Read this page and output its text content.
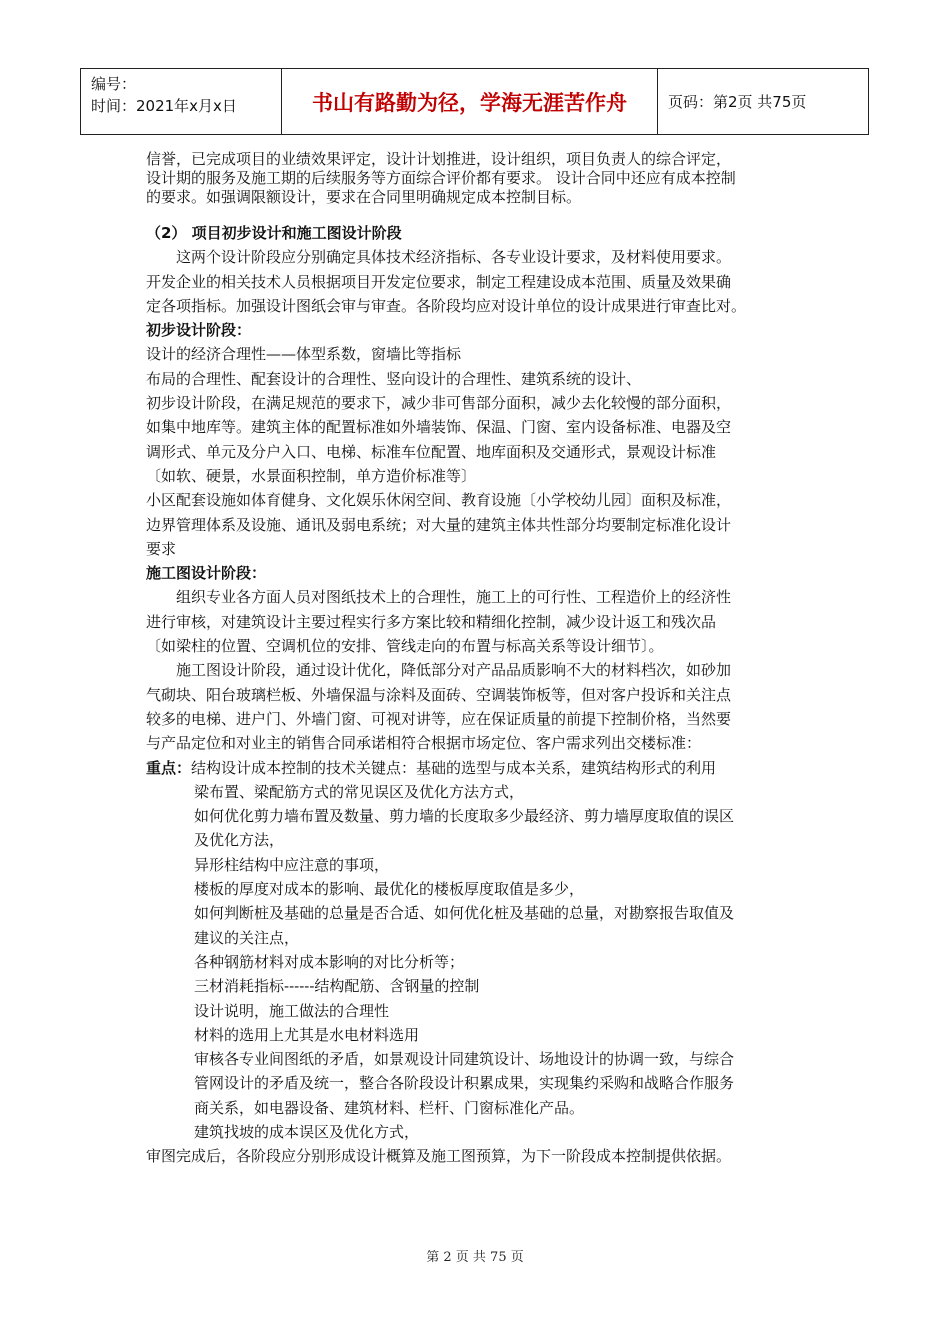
编号：
时间：2021年x月x日	书山有路勤为径，学海无涯苦作舟	页码：第2页 共75页

信誉，已完成项目的业绩效果评定，设计计划推进，设计组织，项目负责人的综合评定，

设计期的服务及施工期的后续服务等方面综合评价都有要求。 设计合同中还应有成本控制

的要求。如强调限额设计，要求在合同里明确规定成本控制目标。

（2） 项目初步设计和施工图设计阶段

这两个设计阶段应分别确定具体技术经济指标、各专业设计要求，及材料使用要求。

开发企业的相关技术人员根据项目开发定位要求，制定工程建设成本范围、质量及效果确

定各项指标。加强设计图纸会审与审查。各阶段均应对设计单位的设计成果进行审查比对。

初步设计阶段：

设计的经济合理性——体型系数，窗墙比等指标

布局的合理性、配套设计的合理性、竖向设计的合理性、建筑系统的设计、

初步设计阶段，在满足规范的要求下，减少非可售部分面积，减少去化较慢的部分面积，

如集中地库等。建筑主体的配置标准如外墙装饰、保温、门窗、室内设备标准、电器及空

调形式、单元及分户入口、电梯、标准车位配置、地库面积及交通形式，景观设计标准

〔如软、硬景，水景面积控制，单方造价标准等〕

小区配套设施如体育健身、文化娱乐休闲空间、教育设施〔小学校幼儿园〕面积及标准，

边界管理体系及设施、通讯及弱电系统；对大量的建筑主体共性部分均要制定标准化设计

要求

施工图设计阶段：

组织专业各方面人员对图纸技术上的合理性，施工上的可行性、工程造价上的经济性

进行审核，对建筑设计主要过程实行多方案比较和精细化控制，减少设计返工和残次品

〔如梁柱的位置、空调机位的安排、管线走向的布置与标高关系等设计细节〕。

施工图设计阶段，通过设计优化，降低部分对产品品质影响不大的材料档次，如砂加

气砌块、阳台玻璃栏板、外墙保温与涂料及面砖、空调装饰板等，但对客户投诉和关注点

较多的电梯、进户门、外墙门窗、可视对讲等，应在保证质量的前提下控制价格，当然要

与产品定位和对业主的销售合同承诺相符合根据市场定位、客户需求列出交楼标准：

重点：结构设计成本控制的技术关键点：基础的选型与成本关系，建筑结构形式的利用

梁布置、梁配筋方式的常见误区及优化方法方式，

如何优化剪力墙布置及数量、剪力墙的长度取多少最经济、剪力墙厚度取值的误区

及优化方法，

异形柱结构中应注意的事项，

楼板的厚度对成本的影响、最优化的楼板厚度取值是多少，

如何判断桩及基础的总量是否合适、如何优化桩及基础的总量，对勘察报告取值及

建议的关注点，

各种钢筋材料对成本影响的对比分析等；

三材消耗指标------结构配筋、含钢量的控制

设计说明，施工做法的合理性

材料的选用上尤其是水电材料选用

审核各专业间图纸的矛盾，如景观设计同建筑设计、场地设计的协调一致，与综合

管网设计的矛盾及统一，整合各阶段设计积累成果，实现集约采购和战略合作服务

商关系，如电器设备、建筑材料、栏杆、门窗标准化产品。

建筑找坡的成本误区及优化方式，

审图完成后，各阶段应分别形成设计概算及施工图预算，为下一阶段成本控制提供依据。

第 2 页 共 75 页
